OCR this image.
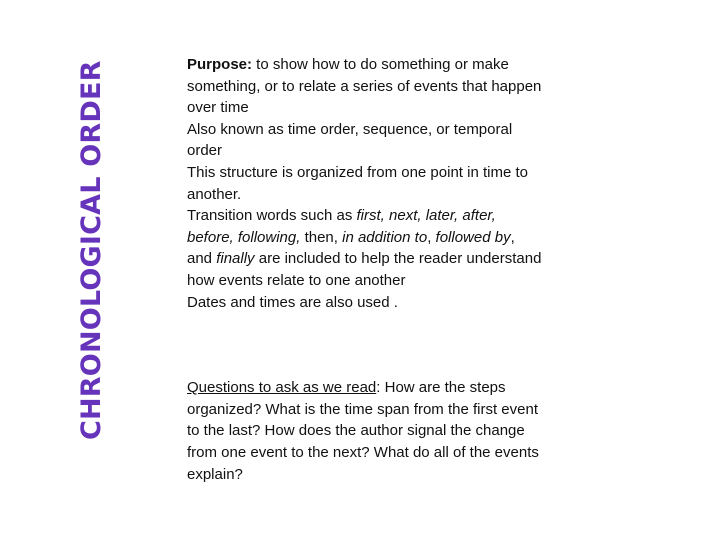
CHRONOLOGICAL ORDER	Purpose: to show how to do something or make something, or to relate a series of events that happen over time

Also known as time order, sequence, or temporal order

This structure is organized from one point in time to another.

Transition words such as first, next, later, after, before, following, then, in addition to, followed by, and finally are included to help the reader understand how events relate to one another

Dates and times are also used .

Questions to ask as we read: How are the steps organized? What is the time span from the first event to the last? How does the author signal the change from one event to the next? What do all of the events explain?
